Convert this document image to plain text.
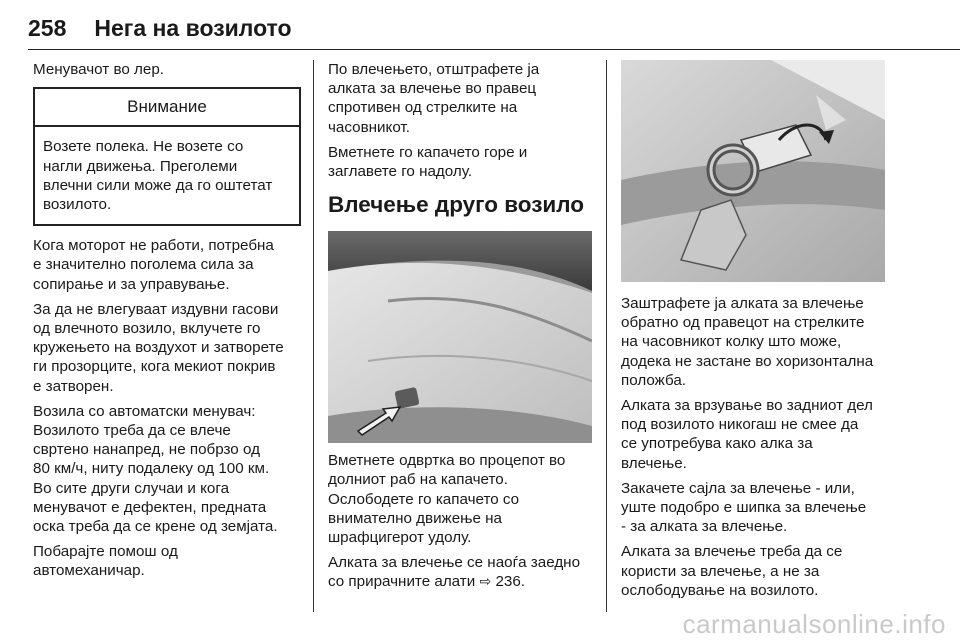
258 Нега на возилото

Менувачот во лер.

Внимание
Возете полека. Не возете со
нагли движења. Преголеми
влечни сили може да го оштетат
возилото.

Кога моторот не работи, потребна
е значително поголема сила за
сопирање и за управување.

За да не влегуваат издувни гасови
од влечното возило, вклучете го
кружењето на воздухот и затворете
ги прозорците, кога мекиот покрив
е затворен.

Возила со автоматски менувач:
Возилото треба да се влече
свртено нанапред, не побрзо од
80 км/ч, ниту подалеку од 100 км.
Во сите други случаи и кога
менувачот е дефектен, предната
оска треба да се крене од земјата.

Побарајте помош од
автомеханичар.

По влечењето, отштрафете ја
алката за влечење во правец
спротивен од стрелките на
часовникот.

Вметнете го капачето горе и
заглавете го надолу.

Влечење друго возило

Вметнете одвртка во процепот во
долниот раб на капачето.
Ослободете го капачето со
внимателно движење на
шрафцигерот удолу.

Алката за влечење се наоѓа заедно
со прирачните алати ⇨ 236.

Заштрафете ја алката за влечење
обратно од правецот на стрелките
на часовникот колку што може,
додека не застане во хоризонтална
положба.

Алката за врзување во задниот дел
под возилото никогаш не смее да
се употребува како алка за
влечење.

Закачете сајла за влечење - или,
уште подобро е шипка за влечење
- за алката за влечење.

Алката за влечење треба да се
користи за влечење, а не за
ослободување на возилото.

carmanualsonline.info
